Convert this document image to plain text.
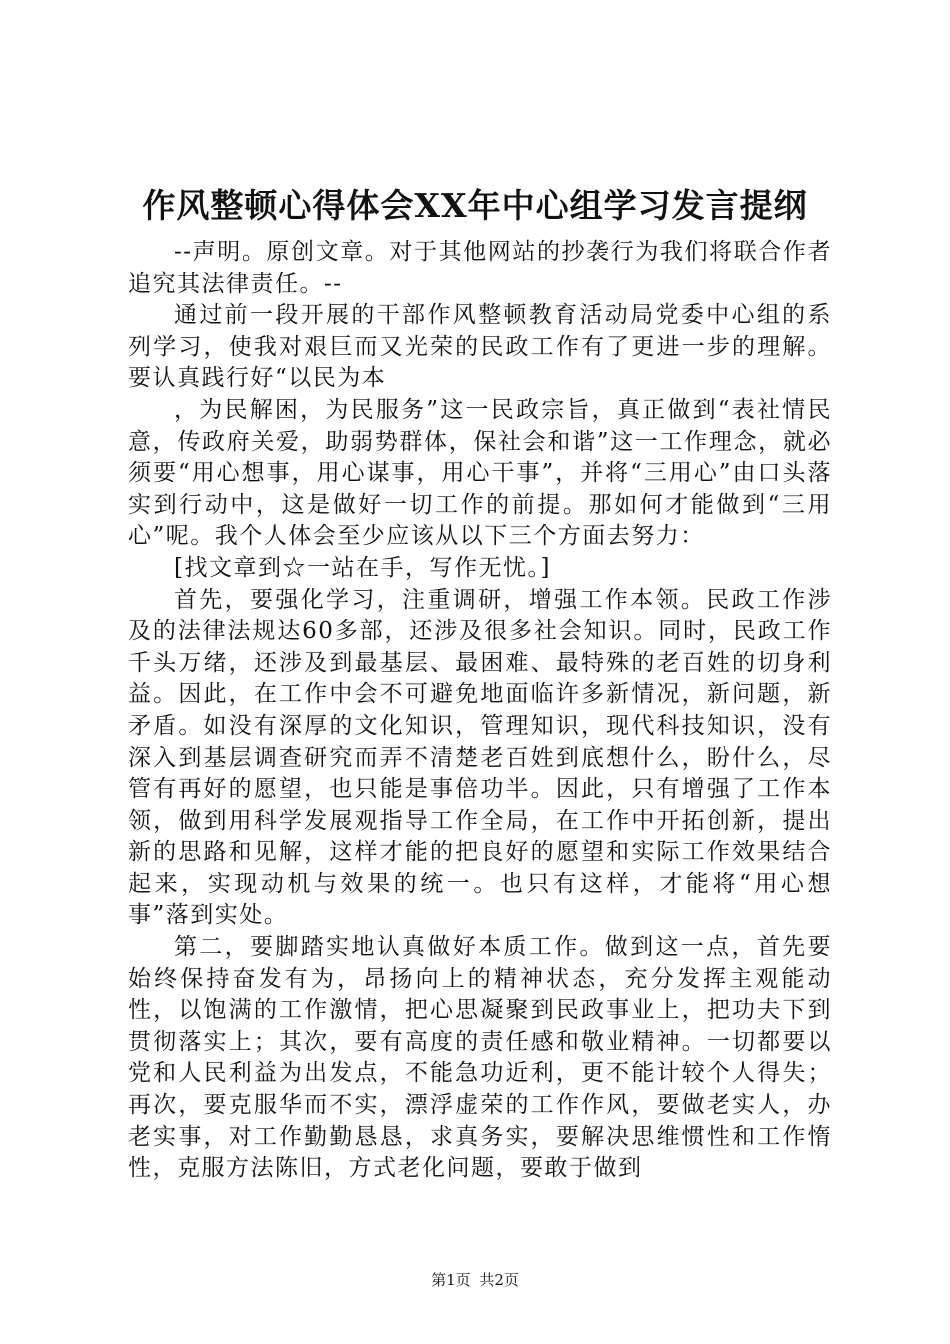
作风整顿心得体会XX年中心组学习发言提纲

--声明。原创文章。对于其他网站的抄袭行为我们将联合作者追究其法律责任。--

通过前一段开展的干部作风整顿教育活动局党委中心组的系列学习，使我对艰巨而又光荣的民政工作有了更进一步的理解。要认真践行好“以民为本

，为民解困，为民服务”这一民政宗旨，真正做到“表社情民意，传政府关爱，助弱势群体，保社会和谐”这一工作理念，就必须要“用心想事，用心谋事，用心干事”，并将“三用心”由口头落实到行动中，这是做好一切工作的前提。那如何才能做到“三用心”呢。我个人体会至少应该从以下三个方面去努力：

[找文章到☆一站在手，写作无忧。]

首先，要强化学习，注重调研，增强工作本领。民政工作涉及的法律法规达60多部，还涉及很多社会知识。同时，民政工作千头万绪，还涉及到最基层、最困难、最特殊的老百姓的切身利益。因此，在工作中会不可避免地面临许多新情况，新问题，新矛盾。如没有深厚的文化知识，管理知识，现代科技知识，没有深入到基层调查研究而弄不清楚老百姓到底想什么，盼什么，尽管有再好的愿望，也只能是事倍功半。因此，只有增强了工作本领，做到用科学发展观指导工作全局，在工作中开拓创新，提出新的思路和见解，这样才能的把良好的愿望和实际工作效果结合起来，实现动机与效果的统一。也只有这样，才能将“用心想事”落到实处。

第二，要脚踏实地认真做好本质工作。做到这一点，首先要始终保持奋发有为，昂扬向上的精神状态，充分发挥主观能动性，以饱满的工作激情，把心思凝聚到民政事业上，把功夫下到贯彻落实上；其次，要有高度的责任感和敬业精神。一切都要以党和人民利益为出发点，不能急功近利，更不能计较个人得失；再次，要克服华而不实，漂浮虚荣的工作作风，要做老实人，办老实事，对工作勤勤恳恳，求真务实，要解决思维惯性和工作惰性，克服方法陈旧，方式老化问题，要敢于做到

第1页 共2页
